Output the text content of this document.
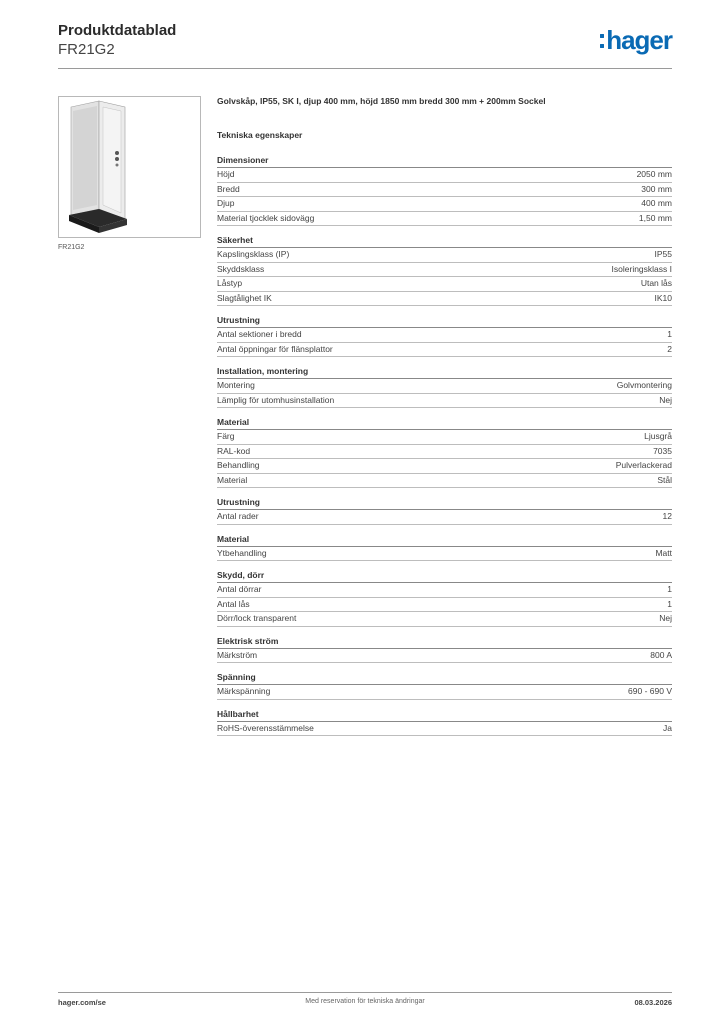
Produktdatablad
FR21G2	hager
FR21G2
Golvskåp, IP55, SK I, djup 400 mm, höjd 1850 mm bredd 300 mm + 200mm Sockel
Tekniska egenskaper
Dimensioner
Höjd	2050 mm
Bredd	300 mm
Djup	400 mm
Material tjocklek sidovägg	1,50 mm
Säkerhet
Kapslingsklass (IP)	IP55
Skyddsklass	Isoleringsklass I
Låstyp	Utan lås
Slagtålighet IK	IK10
Utrustning
Antal sektioner i bredd	1
Antal öppningar för flänsplattor	2
Installation, montering
Montering	Golvmontering
Lämplig för utomhusinstallation	Nej
Material
Färg	Ljusgrå
RAL-kod	7035
Behandling	Pulverlackerad
Material	Stål
Utrustning
Antal rader	12
Material
Ytbehandling	Matt
Skydd, dörr
Antal dörrar	1
Antal lås	1
Dörr/lock transparent	Nej
Elektrisk ström
Märkström	800 A
Spänning
Märkspänning	690 - 690 V
Hållbarhet
RoHS-överensstämmelse	Ja
hager.com/se	Med reservation för tekniska ändringar	08.03.2026
